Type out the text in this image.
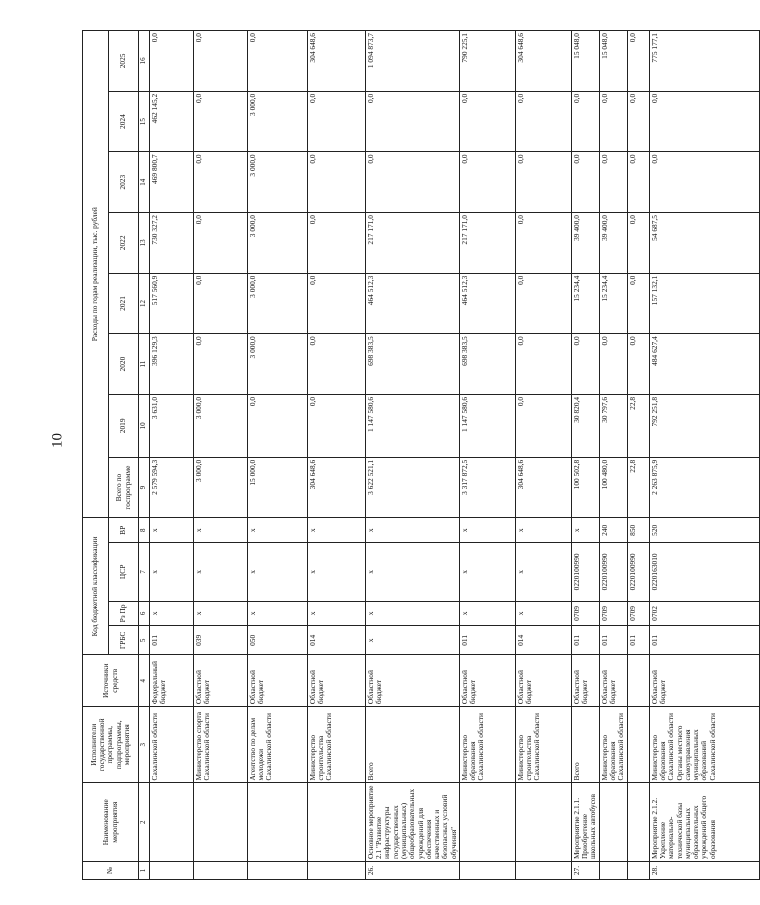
10
№	Наименование мероприятия	Исполнители государственной программы, подпрограммы, мероприятия	Источники средств	Код бюджетной классификации				Расходы по годам реализации, тыс. рублей							
				ГРБС	Рз Пр	ЦСР	ВР	Всего по госпрограмме	2019	2020	2021	2022	2023	2024	2025
1	2	3	4	5	6	7	8	9	10	11	12	13	14	15	16
		Сахалинской области	Федеральный бюджет	011	x	x	x	2 579 594,3	3 631,0	396 129,3	517 560,9	730 327,2	469 800,7	462 145,2	0,0
		Министерство спорта Сахалинской области	Областной бюджет	039	x	x	x	3 000,0	3 000,0	0,0	0,0	0,0	0,0	0,0	0,0
		Агентство по делам молодежи Сахалинской области	Областной бюджет	050	x	x	x	15 000,0	0,0	3 000,0	3 000,0	3 000,0	3 000,0	3 000,0	0,0
		Министерство строительства Сахалинской области	Областной бюджет	014	x	x	x	304 648,6	0,0	0,0	0,0	0,0	0,0	0,0	304 648,6
26.	Основное мероприятие 2.1 "Развитие инфраструктуры государственных (муниципальных) общеобразовательных учреждений для обеспечения качественных и безопасных условий обучения"	Всего	Областной бюджет	x	x	x	x	3 622 521,1	1 147 580,6	698 383,5	464 512,3	217 171,0	0,0	0,0	1 094 873,7
		Министерство образования Сахалинской области	Областной бюджет	011	x	x	x	3 317 872,5	1 147 580,6	698 383,5	464 512,3	217 171,0	0,0	0,0	790 225,1
		Министерство строительства Сахалинской области	Областной бюджет	014	x	x	x	304 648,6	0,0	0,0	0,0	0,0	0,0	0,0	304 648,6
27.	Мероприятие 2.1.1. Приобретение школьных автобусов	Всего	Областной бюджет	011	0709	0220100990	x	100 502,8	30 820,4	0,0	15 234,4	39 400,0	0,0	0,0	15 048,0
		Министерство образования Сахалинской области	Областной бюджет	011	0709	0220100990	240	100 480,0	30 797,6	0,0	15 234,4	39 400,0	0,0	0,0	15 048,0
				011	0709	0220100990	850	22,8	22,8	0,0	0,0	0,0	0,0	0,0	0,0
28.	Мероприятие 2.1.2. Укрепление материально-технической базы муниципальных образовательных учреждений общего образования	Министерство образования Сахалинской области Органы местного самоуправления муниципальных образований Сахалинской области	Областной бюджет	011	0702	0220163010	520	2 263 875,9	792 251,8	484 627,4	157 132,1	54 687,5	0,0	0,0	775 177,1
